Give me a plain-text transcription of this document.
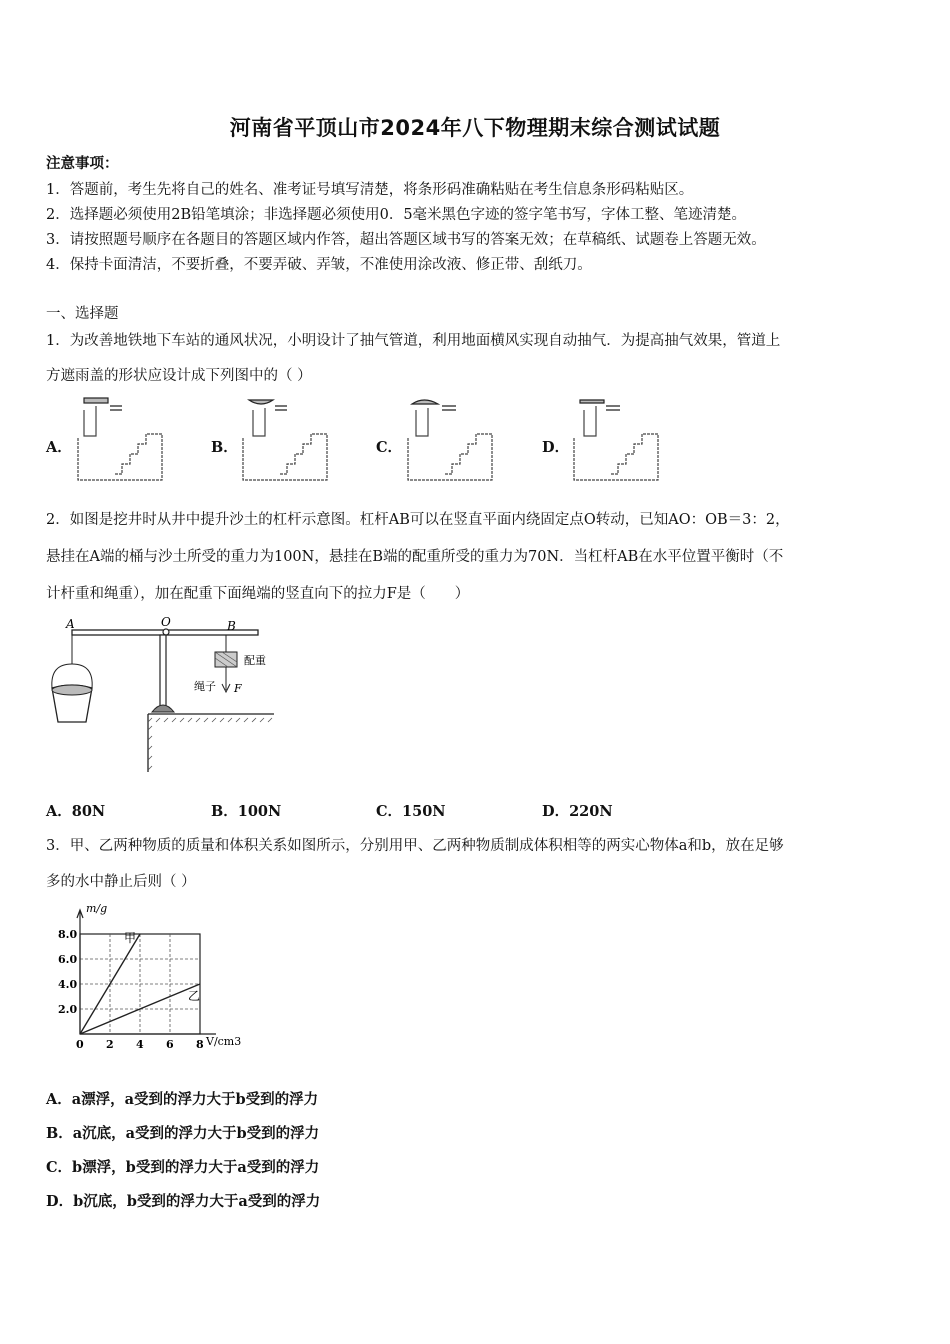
河南省平顶山市2024年八下物理期末综合测试试题
注意事项：
1．答题前，考生先将自己的姓名、准考证号填写清楚，将条形码准确粘贴在考生信息条形码粘贴区。
2．选择题必须使用2B铅笔填涂；非选择题必须使用0．5毫米黑色字迹的签字笔书写，字体工整、笔迹清楚。
3．请按照题号顺序在各题目的答题区域内作答，超出答题区域书写的答案无效；在草稿纸、试题卷上答题无效。
4．保持卡面清洁，不要折叠，不要弄破、弄皱，不准使用涂改液、修正带、刮纸刀。
一、选择题
1．为改善地铁地下车站的通风状况，小明设计了抽气管道，利用地面横风实现自动抽气．为提高抽气效果，管道上
方遮雨盖的形状应设计成下列图中的（ ）
A．	B．	C．	D．
2．如图是挖井时从井中提升沙土的杠杆示意图。杠杆AB可以在竖直平面内绕固定点O转动，已知AO：OB＝3：2，
悬挂在A端的桶与沙土所受的重力为100N，悬挂在B端的配重所受的重力为70N．当杠杆AB在水平位置平衡时（不
计杆重和绳重），加在配重下面绳端的竖直向下的拉力F是（　　）
A	O	B
配重
绳子 F
A．80N	B．100N	C．150N	D．220N
3．甲、乙两种物质的质量和体积关系如图所示，分别用甲、乙两种物质制成体积相等的两实心物体a和b，放在足够
多的水中静止后则（ ）
甲
乙
0 2 4 6 8
2.0
4.0
6.0
8.0
m/g
V/cm3
A．a漂浮，a受到的浮力大于b受到的浮力
B．a沉底，a受到的浮力大于b受到的浮力
C．b漂浮，b受到的浮力大于a受到的浮力
D．b沉底，b受到的浮力大于a受到的浮力
